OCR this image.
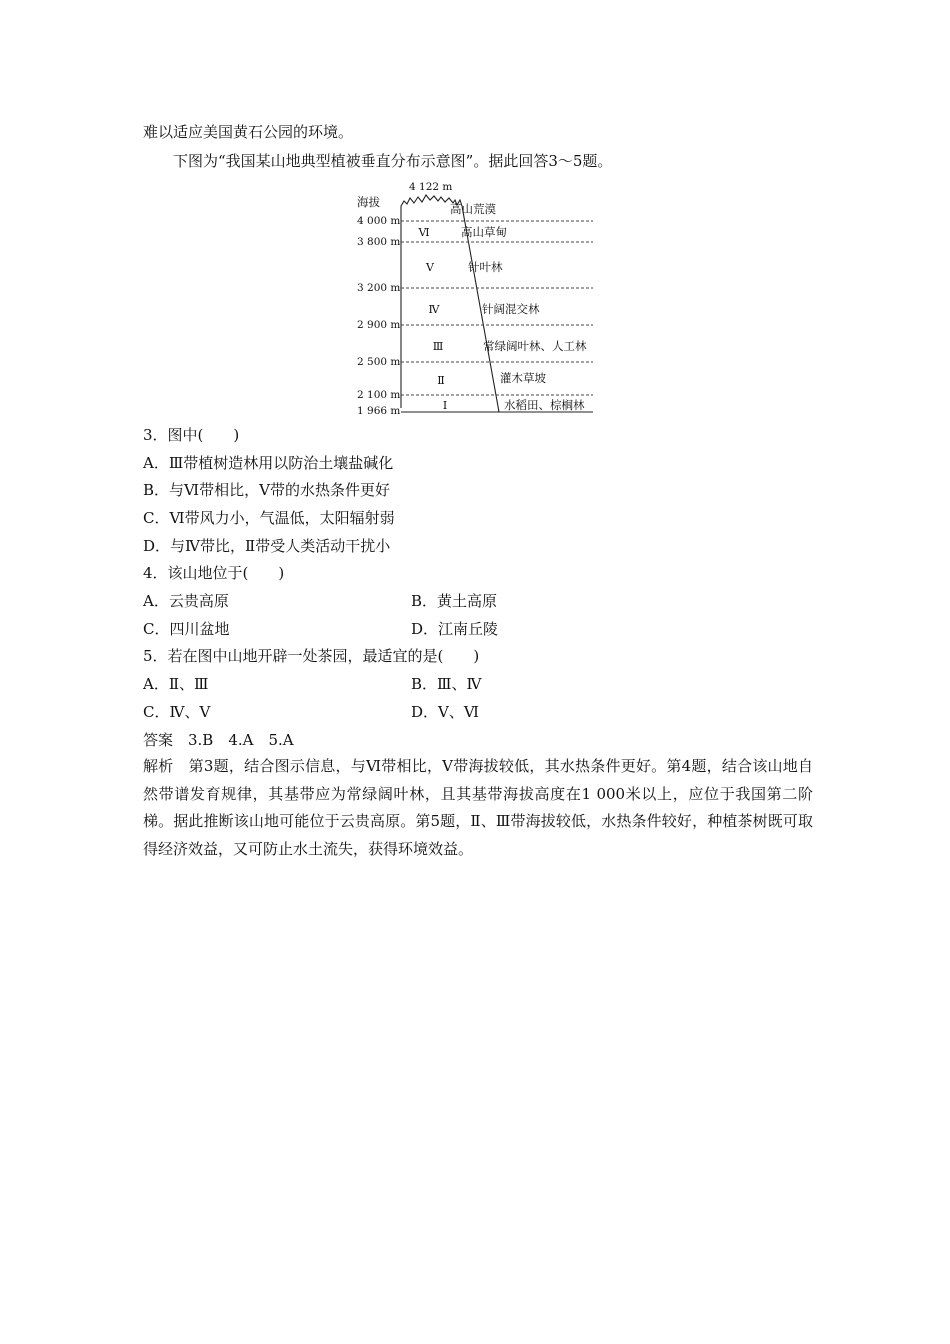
难以适应美国黄石公园的环境。
下图为“我国某山地典型植被垂直分布示意图”。据此回答3～5题。
海拔
4 122 m
4 000 m
3 800 m
3 200 m
2 900 m
2 500 m
2 100 m
1 966 m
Ⅵ
Ⅴ
Ⅳ
Ⅲ
Ⅱ
Ⅰ
高山荒漠
高山草甸
针叶林
针阔混交林
常绿阔叶林、人工林
灌木草坡
水稻田、棕榈林
3．图中(　　)
A．Ⅲ带植树造林用以防治土壤盐碱化
B．与Ⅵ带相比，Ⅴ带的水热条件更好
C．Ⅵ带风力小，气温低，太阳辐射弱
D．与Ⅳ带比，Ⅱ带受人类活动干扰小
4．该山地位于(　　)
A．云贵高原	B．黄土高原
C．四川盆地	D．江南丘陵
5．若在图中山地开辟一处茶园，最适宜的是(　　)
A．Ⅱ、Ⅲ	B．Ⅲ、Ⅳ
C．Ⅳ、Ⅴ	D．Ⅴ、Ⅵ
答案　3.B　4.A　5.A
解析　第3题，结合图示信息，与Ⅵ带相比，Ⅴ带海拔较低，其水热条件更好。第4题，结合该山地自然带谱发育规律，其基带应为常绿阔叶林，且其基带海拔高度在1 000米以上，应位于我国第二阶梯。据此推断该山地可能位于云贵高原。第5题，Ⅱ、Ⅲ带海拔较低，水热条件较好，种植茶树既可取得经济效益，又可防止水土流失，获得环境效益。
